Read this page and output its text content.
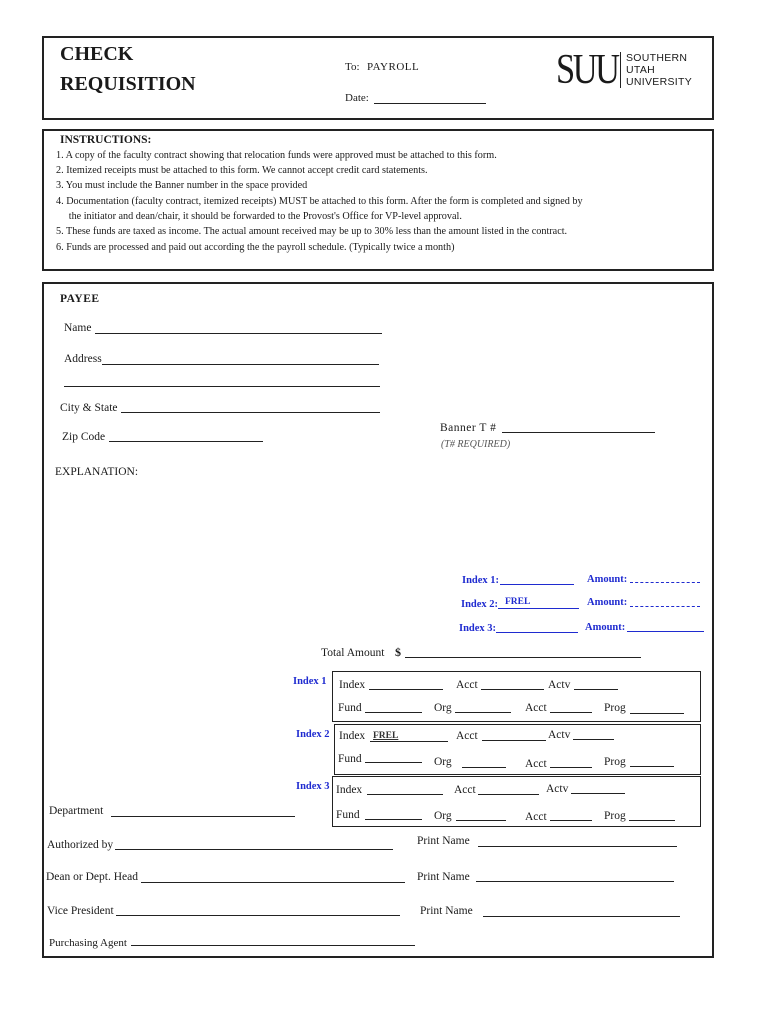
CHECK
REQUISITION
To: PAYROLL
Date:
SUU SOUTHERN
UTAH
UNIVERSITY
INSTRUCTIONS:
1. A copy of the faculty contract showing that relocation funds were approved must be attached to this form.
2. Itemized receipts must be attached to this form. We cannot accept credit card statements.
3. You must include the Banner number in the space provided
4. Documentation (faculty contract, itemized receipts) MUST be attached to this form. After the form is completed and signed by
the initiator and dean/chair, it should be forwarded to the Provost's Office for VP-level approval.
5. These funds are taxed as income. The actual amount received may be up to 30% less than the amount listed in the contract.
6. Funds are processed and paid out according the the payroll schedule. (Typically twice a month)
PAYEE
Name
Address
City & State
Zip Code
Banner T #
(T# REQUIRED)
EXPLANATION:
Index 1:	Amount:
Index 2: FREL	Amount:
Index 3:	Amount:
Total Amount $
Index 1 Index	Acct	Actv
Fund	Org	Acct	Prog
Index 2 Index FREL	Acct	Actv
Fund	Org	Acct	Prog
Index 3 Index	Acct	Actv
Fund	Org	Acct	Prog
Department
Authorized by	Print Name
Dean or Dept. Head	Print Name
Vice President	Print Name
Purchasing Agent
